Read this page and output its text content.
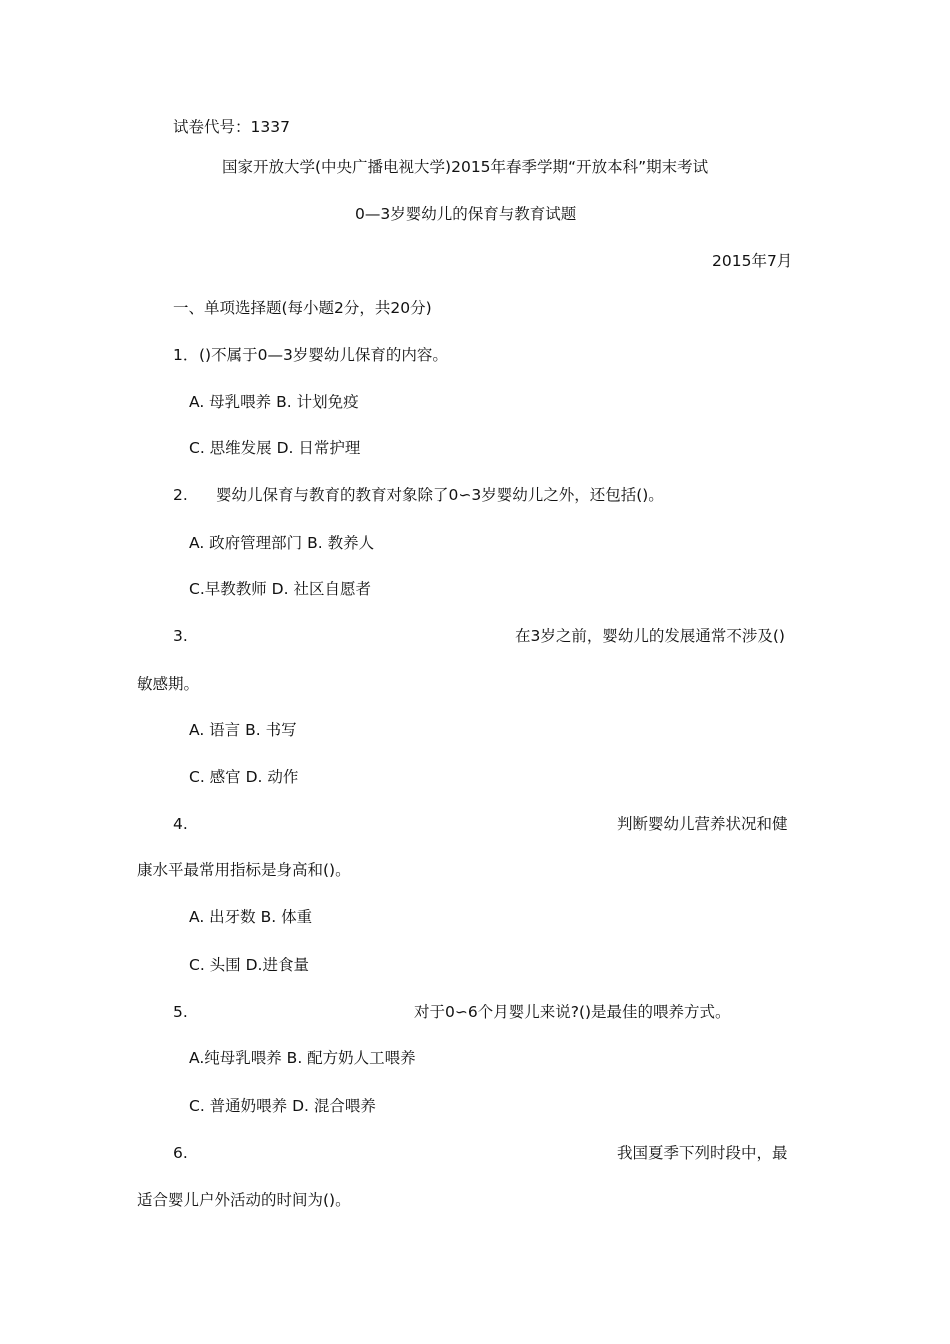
试卷代号：1337
国家开放大学(中央广播电视大学)2015年春季学期“开放本科”期末考试
0—3岁婴幼儿的保育与教育试题
2015年7月
一、单项选择题(每小题2分，共20分)
1． ()不属于0—3岁婴幼儿保育的内容。
A. 母乳喂养 B. 计划免疫
C. 思维发展 D. 日常护理
2. 婴幼儿保育与教育的教育对象除了0∽3岁婴幼儿之外，还包括()。
A. 政府管理部门 B. 教养人
C.早教教师 D. 社区自愿者
3.	在3岁之前，婴幼儿的发展通常不涉及()
敏感期。
A. 语言 B. 书写
C. 感官 D. 动作
4.	判断婴幼儿营养状况和健
康水平最常用指标是身高和()。
A. 出牙数 B. 体重
C. 头围 D.进食量
5.	对于0∽6个月婴儿来说?()是最佳的喂养方式。
A.纯母乳喂养 B. 配方奶人工喂养
C. 普通奶喂养 D. 混合喂养
6.	我国夏季下列时段中，最
适合婴儿户外活动的时间为()。
